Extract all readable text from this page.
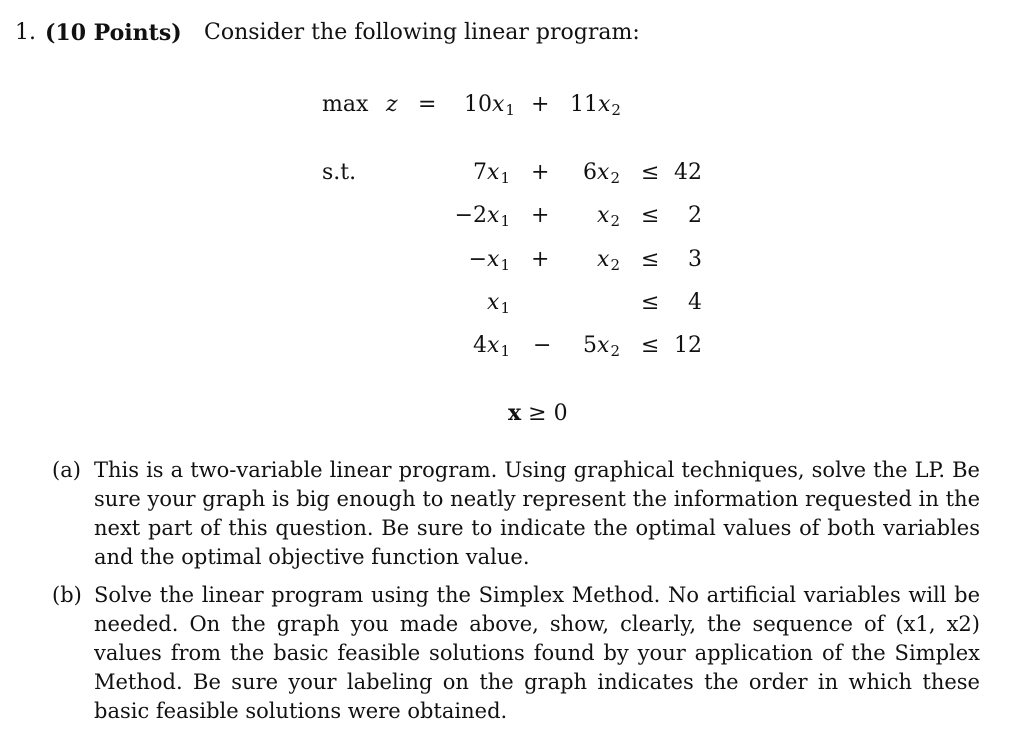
1. (10 Points) Consider the following linear program:
$\max z = 10x_1 + 11x_2$
s.t.	$7x_1$ +	$6x_2 \le 42$
$-2x_1$ +	$x_2$ ≤	2
$-x_1$ +	$x_2$ ≤	3
$x_1$	≤	4
$4x_1$ −	$5x_2 \le 12$
x ≥ 0
(a) This is a two-variable linear program. Using graphical techniques, solve the LP. Be sure your graph is big enough to neatly represent the information requested in the next part of this question. Be sure to indicate the optimal values of both variables and the optimal objective function value.
(b) Solve the linear program using the Simplex Method. No artificial variables will be needed. On the graph you made above, show, clearly, the sequence of (x1, x2) values from the basic feasible solutions found by your application of the Simplex Method. Be sure your labeling on the graph indicates the order in which these basic feasible solutions were obtained.
